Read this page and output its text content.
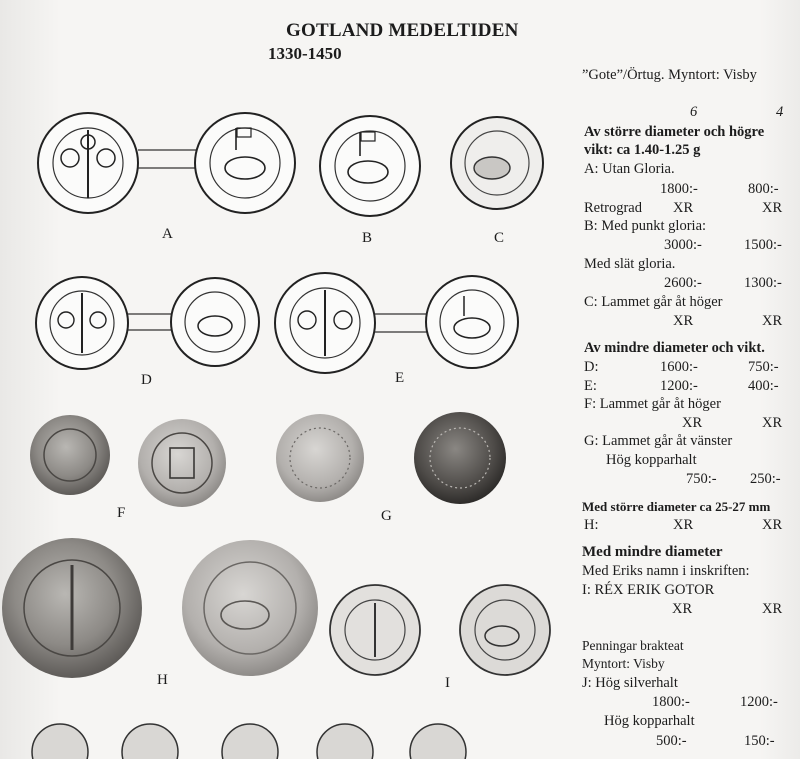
GOTLAND MEDELTIDEN
1330-1450
A	B	C
D	E
F	G
H	I
”Gote”/Örtug. Myntort: Visby
6	4
Av större diameter och högre
vikt: ca 1.40-1.25 g
A: Utan Gloria.
1800:-	800:-
Retrograd XR	XR
B: Med punkt gloria:
3000:-	1500:-
Med slät gloria.
2600:-	1300:-
C: Lammet går åt höger
XR	XR
Av mindre diameter och vikt.
D:	1600:-	750:-
E:	1200:-	400:-
F: Lammet går åt höger
XR	XR
G: Lammet går åt vänster
Hög kopparhalt
750:- 250:-
Med större diameter ca 25-27 mm
H:	XR	XR
Med mindre diameter
Med Eriks namn i inskriften:
I: RÉX ERIK GOTOR
XR	XR
Penningar brakteat
Myntort: Visby
J: Hög silverhalt
1800:-	1200:-
Hög kopparhalt
500:-	150:-
